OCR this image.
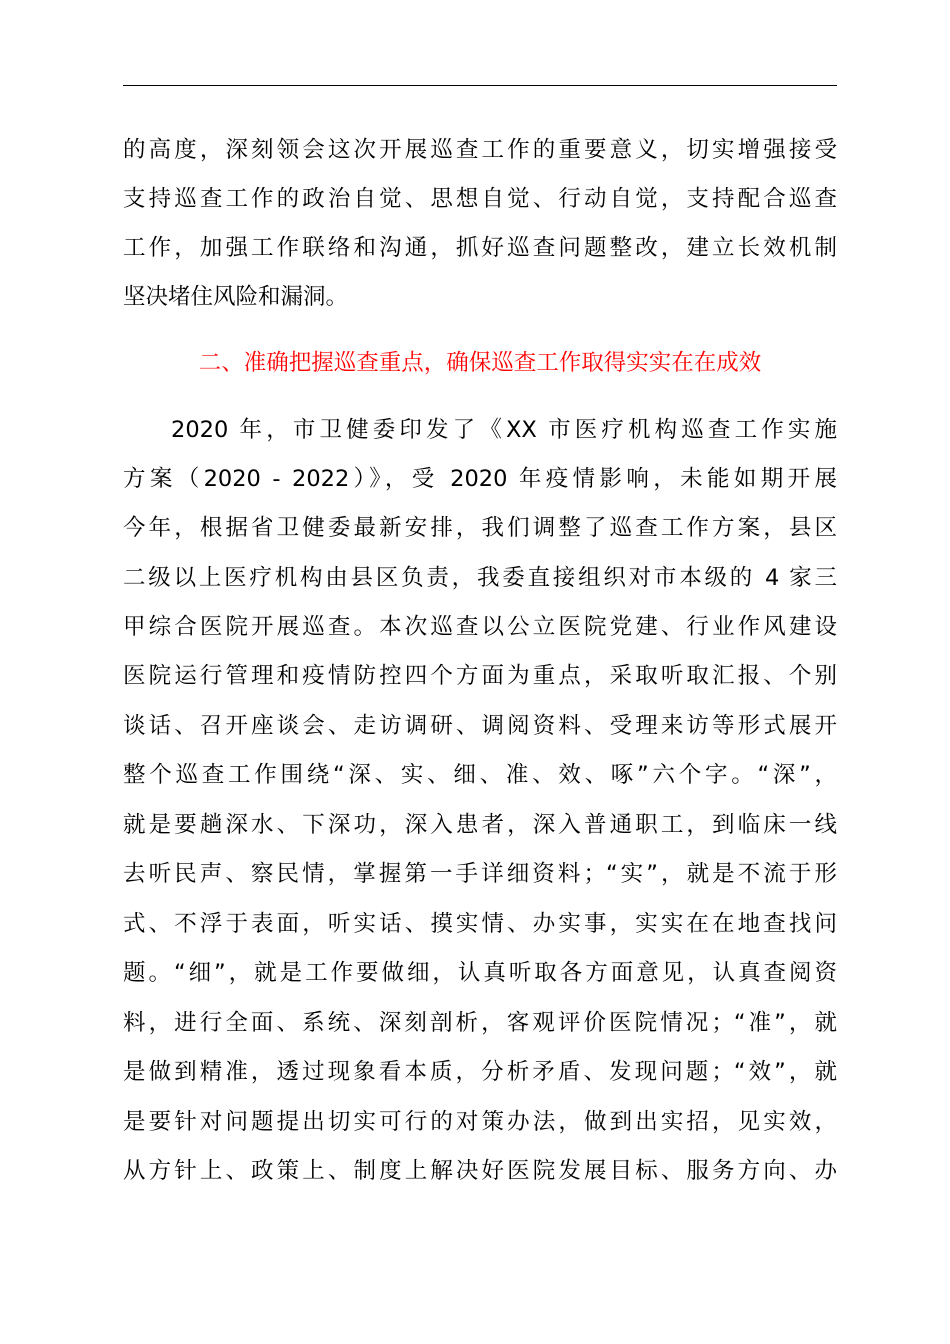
的高度，深刻领会这次开展巡查工作的重要意义，切实增强接受
支持巡查工作的政治自觉、思想自觉、行动自觉，支持配合巡查
工作，加强工作联络和沟通，抓好巡查问题整改，建立长效机制
坚决堵住风险和漏洞。
二、准确把握巡查重点，确保巡查工作取得实实在在成效
2020 年，市卫健委印发了《XX 市医疗机构巡查工作实施
方案（2020 - 2022）》，受 2020 年疫情影响，未能如期开展
今年，根据省卫健委最新安排，我们调整了巡查工作方案，县区
二级以上医疗机构由县区负责，我委直接组织对市本级的 4 家三
甲综合医院开展巡查。本次巡查以公立医院党建、行业作风建设
医院运行管理和疫情防控四个方面为重点，采取听取汇报、个别
谈话、召开座谈会、走访调研、调阅资料、受理来访等形式展开
整个巡查工作围绕“深、实、细、准、效、啄”六个字。“深”，
就是要趟深水、下深功，深入患者，深入普通职工，到临床一线
去听民声、察民情，掌握第一手详细资料；“实”，就是不流于形
式、不浮于表面，听实话、摸实情、办实事，实实在在地查找问
题。“细”，就是工作要做细，认真听取各方面意见，认真查阅资
料，进行全面、系统、深刻剖析，客观评价医院情况；“准”，就
是做到精准，透过现象看本质，分析矛盾、发现问题；“效”，就
是要针对问题提出切实可行的对策办法，做到出实招，见实效，
从方针上、政策上、制度上解决好医院发展目标、服务方向、办
